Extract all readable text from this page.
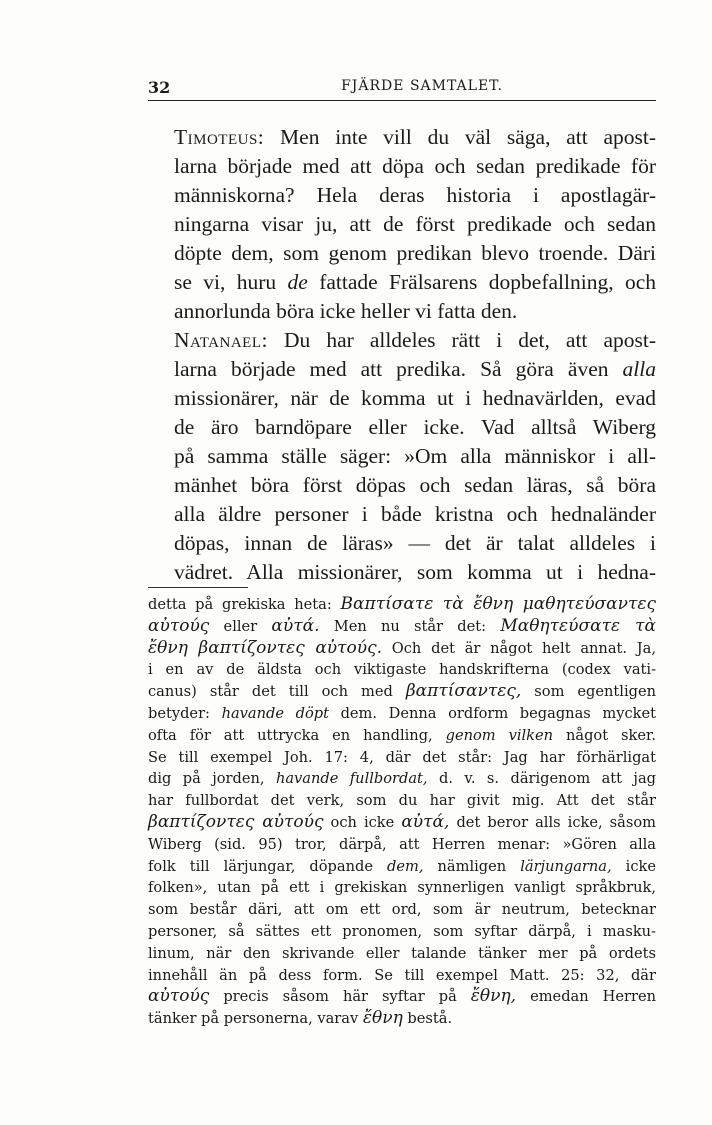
32	FJÄRDE SAMTALET.

Timoteus: Men inte vill du väl säga, att apost-
larna började med att döpa och sedan predikade för
människorna? Hela deras historia i apostlagär-
ningarna visar ju, att de först predikade och sedan
döpte dem, som genom predikan blevo troende. Däri
se vi, huru de fattade Frälsarens dopbefallning, och
annorlunda böra icke heller vi fatta den.

Natanael: Du har alldeles rätt i det, att apost-
larna började med att predika. Så göra även alla
missionärer, när de komma ut i hednavärlden, evad
de äro barndöpare eller icke. Vad alltså Wiberg
på samma ställe säger: »Om alla människor i all-
mänhet böra först döpas och sedan läras, så böra
alla äldre personer i både kristna och hednaländer
döpas, innan de läras» — det är talat alldeles i
vädret. Alla missionärer, som komma ut i hedna-

detta på grekiska heta: Βαπτίσατε τὰ ἔθνη μαθητεύσαντες
αὐτούς eller αὐτά. Men nu står det: Μαθητεύσατε τὰ
ἔθνη βαπτίζοντες αὐτούς. Och det är något helt annat. Ja,
i en av de äldsta och viktigaste handskrifterna (codex vati-
canus) står det till och med βαπτίσαντες, som egentligen
betyder: havande döpt dem. Denna ordform begagnas mycket
ofta för att uttrycka en handling, genom vilken något sker.
Se till exempel Joh. 17: 4, där det står: Jag har förhärligat
dig på jorden, havande fullbordat, d. v. s. därigenom att jag
har fullbordat det verk, som du har givit mig. Att det står
βαπτίζοντες αὐτούς och icke αὐτά, det beror alls icke, såsom
Wiberg (sid. 95) tror, därpå, att Herren menar: »Gören alla
folk till lärjungar, döpande dem, nämligen lärjungarna, icke
folken», utan på ett i grekiskan synnerligen vanligt språkbruk,
som består däri, att om ett ord, som är neutrum, betecknar
personer, så sättes ett pronomen, som syftar därpå, i masku-
linum, när den skrivande eller talande tänker mer på ordets
innehåll än på dess form. Se till exempel Matt. 25: 32, där
αὐτούς precis såsom här syftar på ἔθνη, emedan Herren
tänker på personerna, varav ἔθνη bestå.
